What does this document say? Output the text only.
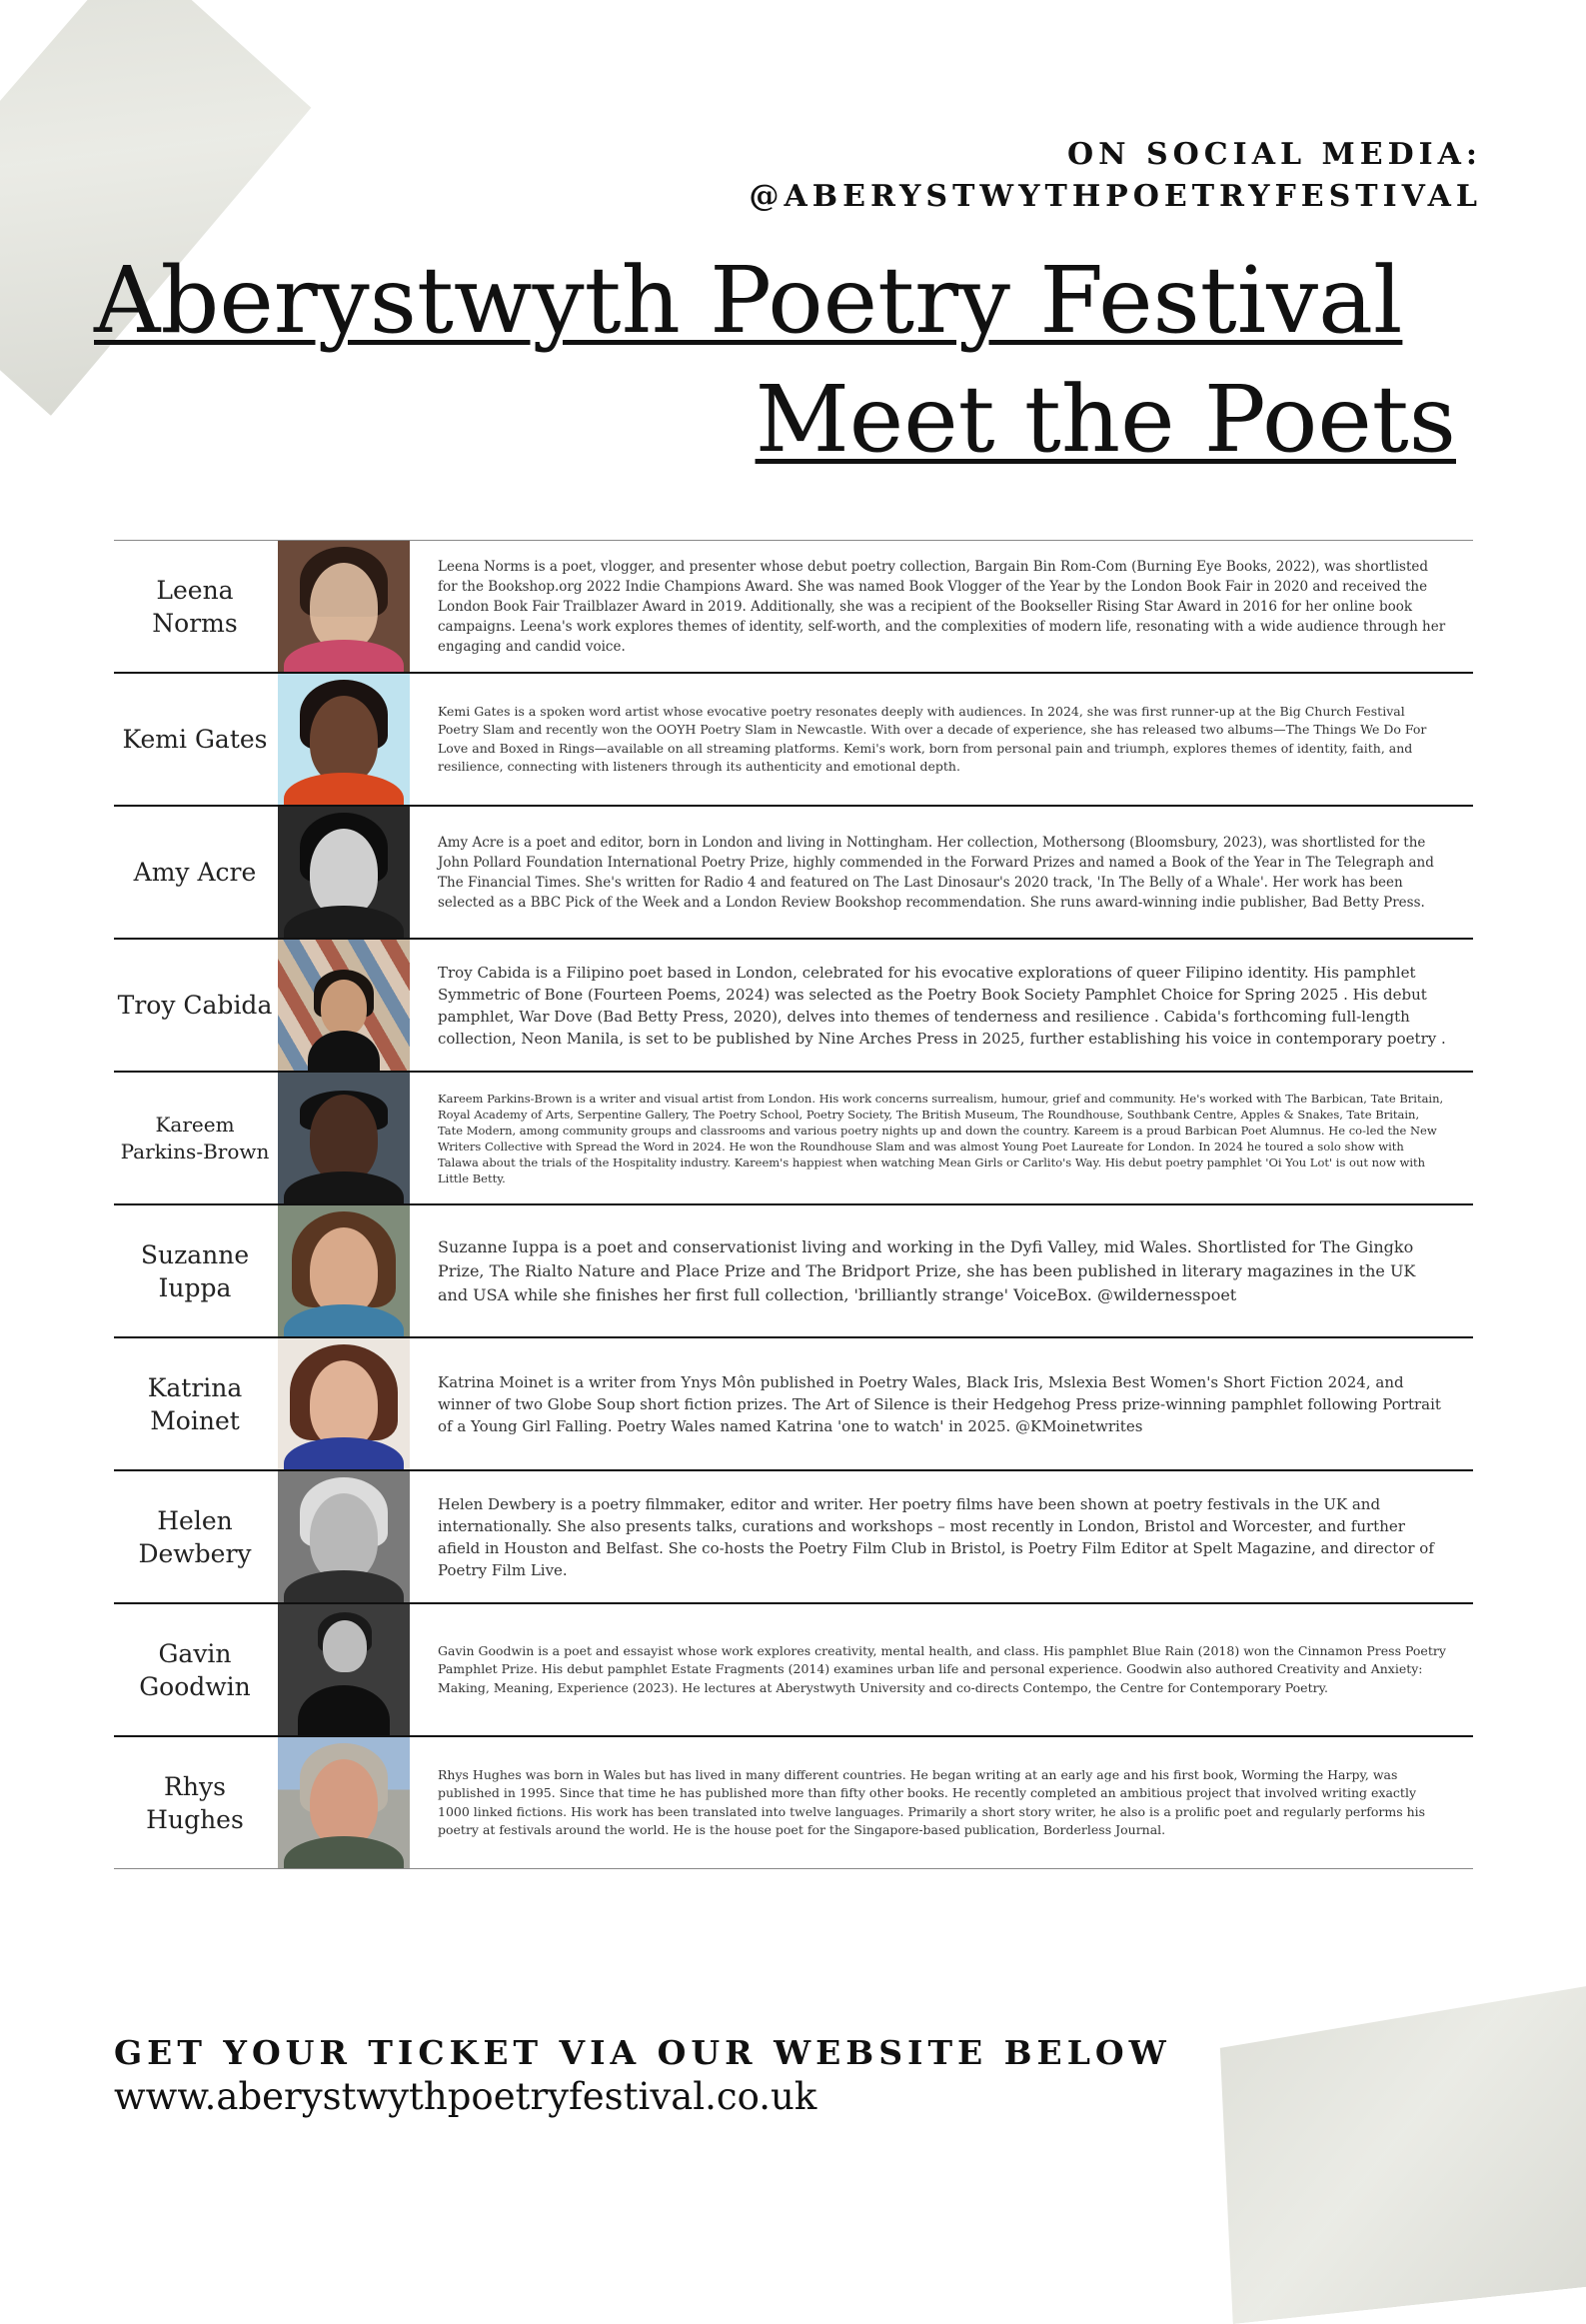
ON SOCIAL MEDIA:
@ABERYSTWYTHPOETRYFESTIVAL
Aberystwyth Poetry Festival
Meet the Poets
Leena Norms
Leena Norms is a poet, vlogger, and presenter whose debut poetry collection, Bargain Bin Rom-Com (Burning Eye Books, 2022), was shortlisted for the Bookshop.org 2022 Indie Champions Award. She was named Book Vlogger of the Year by the London Book Fair in 2020 and received the London Book Fair Trailblazer Award in 2019. Additionally, she was a recipient of the Bookseller Rising Star Award in 2016 for her online book campaigns. Leena's work explores themes of identity, self-worth, and the complexities of modern life, resonating with a wide audience through her engaging and candid voice.
Kemi Gates
Kemi Gates is a spoken word artist whose evocative poetry resonates deeply with audiences. In 2024, she was first runner-up at the Big Church Festival Poetry Slam and recently won the OOYH Poetry Slam in Newcastle. With over a decade of experience, she has released two albums—The Things We Do For Love and Boxed in Rings—available on all streaming platforms. Kemi's work, born from personal pain and triumph, explores themes of identity, faith, and resilience, connecting with listeners through its authenticity and emotional depth.
Amy Acre
Amy Acre is a poet and editor, born in London and living in Nottingham. Her collection, Mothersong (Bloomsbury, 2023), was shortlisted for the John Pollard Foundation International Poetry Prize, highly commended in the Forward Prizes and named a Book of the Year in The Telegraph and The Financial Times. She's written for Radio 4 and featured on The Last Dinosaur's 2020 track, 'In The Belly of a Whale'. Her work has been selected as a BBC Pick of the Week and a London Review Bookshop recommendation. She runs award-winning indie publisher, Bad Betty Press.
Troy Cabida
Troy Cabida is a Filipino poet based in London, celebrated for his evocative explorations of queer Filipino identity. His pamphlet Symmetric of Bone (Fourteen Poems, 2024) was selected as the Poetry Book Society Pamphlet Choice for Spring 2025 . His debut pamphlet, War Dove (Bad Betty Press, 2020), delves into themes of tenderness and resilience . Cabida's forthcoming full-length collection, Neon Manila, is set to be published by Nine Arches Press in 2025, further establishing his voice in contemporary poetry .
Kareem Parkins-Brown
Kareem Parkins-Brown is a writer and visual artist from London. His work concerns surrealism, humour, grief and community. He's worked with The Barbican, Tate Britain, Royal Academy of Arts, Serpentine Gallery, The Poetry School, Poetry Society, The British Museum, The Roundhouse, Southbank Centre, Apples & Snakes, Tate Britain, Tate Modern, among community groups and classrooms and various poetry nights up and down the country. Kareem is a proud Barbican Poet Alumnus. He co-led the New Writers Collective with Spread the Word in 2024. He won the Roundhouse Slam and was almost Young Poet Laureate for London. In 2024 he toured a solo show with Talawa about the trials of the Hospitality industry. Kareem's happiest when watching Mean Girls or Carlito's Way. His debut poetry pamphlet 'Oi You Lot' is out now with Little Betty.
Suzanne Iuppa
Suzanne Iuppa is a poet and conservationist living and working in the Dyfi Valley, mid Wales. Shortlisted for The Gingko Prize, The Rialto Nature and Place Prize and The Bridport Prize, she has been published in literary magazines in the UK and USA while she finishes her first full collection, 'brilliantly strange' VoiceBox. @wildernesspoet
Katrina Moinet
Katrina Moinet is a writer from Ynys Môn published in Poetry Wales, Black Iris, Mslexia Best Women's Short Fiction 2024, and winner of two Globe Soup short fiction prizes. The Art of Silence is their Hedgehog Press prize-winning pamphlet following Portrait of a Young Girl Falling. Poetry Wales named Katrina 'one to watch' in 2025. @KMoinetwrites
Helen Dewbery
Helen Dewbery is a poetry filmmaker, editor and writer. Her poetry films have been shown at poetry festivals in the UK and internationally. She also presents talks, curations and workshops – most recently in London, Bristol and Worcester, and further afield in Houston and Belfast. She co-hosts the Poetry Film Club in Bristol, is Poetry Film Editor at Spelt Magazine, and director of Poetry Film Live.
Gavin Goodwin
Gavin Goodwin is a poet and essayist whose work explores creativity, mental health, and class. His pamphlet Blue Rain (2018) won the Cinnamon Press Poetry Pamphlet Prize. His debut pamphlet Estate Fragments (2014) examines urban life and personal experience. Goodwin also authored Creativity and Anxiety: Making, Meaning, Experience (2023). He lectures at Aberystwyth University and co-directs Contempo, the Centre for Contemporary Poetry.
Rhys Hughes
Rhys Hughes was born in Wales but has lived in many different countries. He began writing at an early age and his first book, Worming the Harpy, was published in 1995. Since that time he has published more than fifty other books. He recently completed an ambitious project that involved writing exactly 1000 linked fictions. His work has been translated into twelve languages. Primarily a short story writer, he also is a prolific poet and regularly performs his poetry at festivals around the world. He is the house poet for the Singapore-based publication, Borderless Journal.
GET YOUR TICKET VIA OUR WEBSITE BELOW
www.aberystwythpoetryfestival.co.uk
